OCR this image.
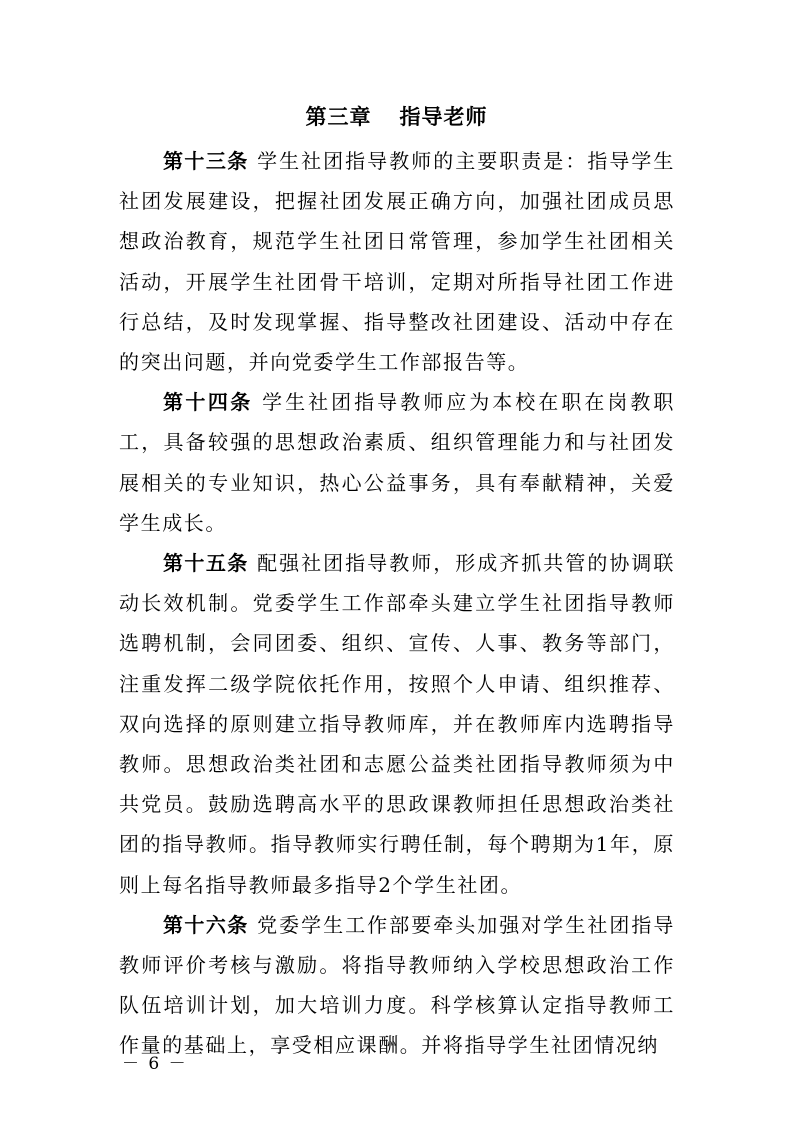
第三章 指导老师

第十三条 学生社团指导教师的主要职责是：指导学生社团发展建设，把握社团发展正确方向，加强社团成员思想政治教育，规范学生社团日常管理，参加学生社团相关活动，开展学生社团骨干培训，定期对所指导社团工作进行总结，及时发现掌握、指导整改社团建设、活动中存在的突出问题，并向党委学生工作部报告等。

第十四条 学生社团指导教师应为本校在职在岗教职工，具备较强的思想政治素质、组织管理能力和与社团发展相关的专业知识，热心公益事务，具有奉献精神，关爱学生成长。

第十五条 配强社团指导教师，形成齐抓共管的协调联动长效机制。党委学生工作部牵头建立学生社团指导教师选聘机制，会同团委、组织、宣传、人事、教务等部门，注重发挥二级学院依托作用，按照个人申请、组织推荐、双向选择的原则建立指导教师库，并在教师库内选聘指导教师。思想政治类社团和志愿公益类社团指导教师须为中共党员。鼓励选聘高水平的思政课教师担任思想政治类社团的指导教师。指导教师实行聘任制，每个聘期为1年，原则上每名指导教师最多指导2个学生社团。

第十六条 党委学生工作部要牵头加强对学生社团指导教师评价考核与激励。将指导教师纳入学校思想政治工作队伍培训计划，加大培训力度。科学核算认定指导教师工作量的基础上，享受相应课酬。并将指导学生社团情况纳

－ 6 －
